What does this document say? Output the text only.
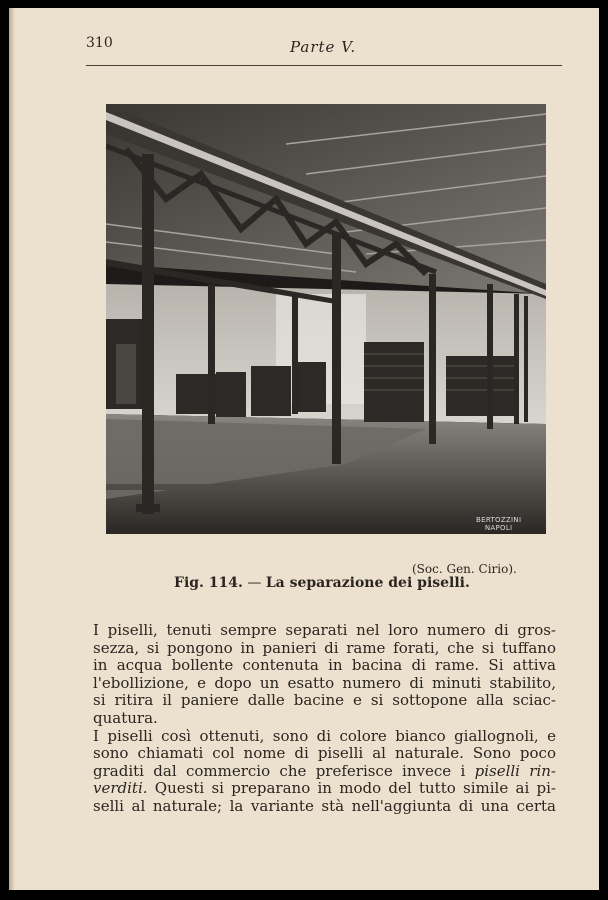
310	Parte V.
BERTOZZINI
NAPOLI
(Soc. Gen. Cirio).
Fig. 114. — La separazione dei piselli.

I piselli, tenuti sempre separati nel loro numero di gros-
sezza, si pongono in panieri di rame forati, che si tuffano
in acqua bollente contenuta in bacina di rame. Si attiva
l'ebollizione, e dopo un esatto numero di minuti stabilito,
si ritira il paniere dalle bacine e si sottopone alla sciac-
quatura.

I piselli così ottenuti, sono di colore bianco giallognoli, e
sono chiamati col nome di piselli al naturale. Sono poco
graditi dal commercio che preferisce invece i piselli rin-
verditi. Questi si preparano in modo del tutto simile ai pi-
selli al naturale; la variante stà nell'aggiunta di una certa
